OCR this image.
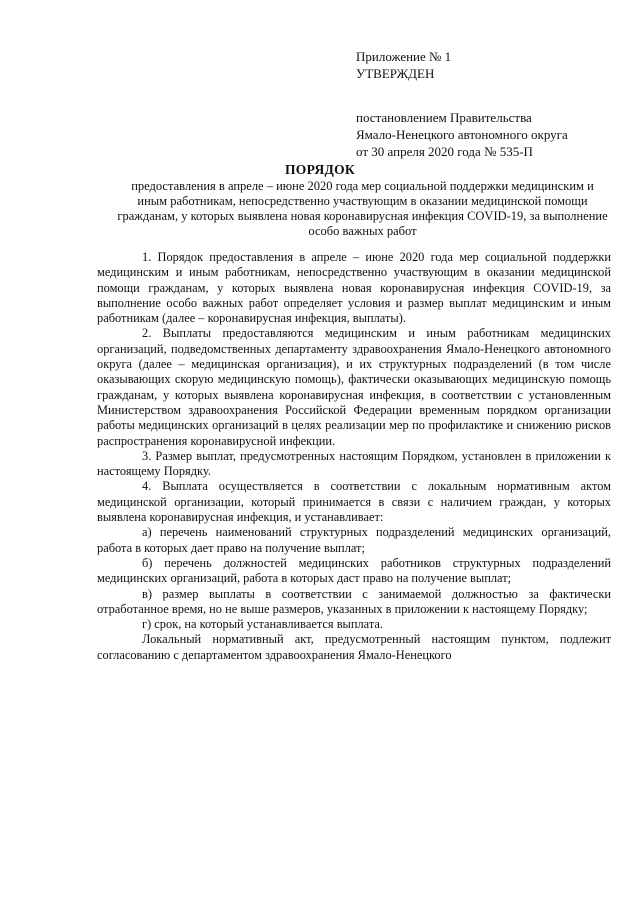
Приложение № 1
УТВЕРЖДЕН
постановлением Правительства
Ямало-Ненецкого автономного округа
от 30 апреля 2020 года № 535-П
ПОРЯДОК
предоставления в апреле – июне 2020 года мер социальной поддержки медицинским и иным работникам, непосредственно участвующим в оказании медицинской помощи гражданам, у которых выявлена новая коронавирусная инфекция COVID-19, за выполнение особо важных работ

1. Порядок предоставления в апреле – июне 2020 года мер социальной поддержки медицинским и иным работникам, непосредственно участвующим в оказании медицинской помощи гражданам, у которых выявлена новая коронавирусная инфекция COVID-19, за выполнение особо важных работ определяет условия и размер выплат медицинским и иным работникам (далее – коронавирусная инфекция, выплаты).

2. Выплаты предоставляются медицинским и иным работникам медицинских организаций, подведомственных департаменту здравоохранения Ямало-Ненецкого автономного округа (далее – медицинская организация), и их структурных подразделений (в том числе оказывающих скорую медицинскую помощь), фактически оказывающих медицинскую помощь гражданам, у которых выявлена коронавирусная инфекция, в соответствии с установленным Министерством здравоохранения Российской Федерации временным порядком организации работы медицинских организаций в целях реализации мер по профилактике и снижению рисков распространения коронавирусной инфекции.

3. Размер выплат, предусмотренных настоящим Порядком, установлен в приложении к настоящему Порядку.

4. Выплата осуществляется в соответствии с локальным нормативным актом медицинской организации, который принимается в связи с наличием граждан, у которых выявлена коронавирусная инфекция, и устанавливает:

а) перечень наименований структурных подразделений медицинских организаций, работа в которых дает право на получение выплат;

б) перечень должностей медицинских работников структурных подразделений медицинских организаций, работа в которых даст право на получение выплат;

в) размер выплаты в соответствии с занимаемой должностью за фактически отработанное время, но не выше размеров, указанных в приложении к настоящему Порядку;

г) срок, на который устанавливается выплата.

Локальный нормативный акт, предусмотренный настоящим пунктом, подлежит согласованию с департаментом здравоохранения Ямало-Ненецкого
